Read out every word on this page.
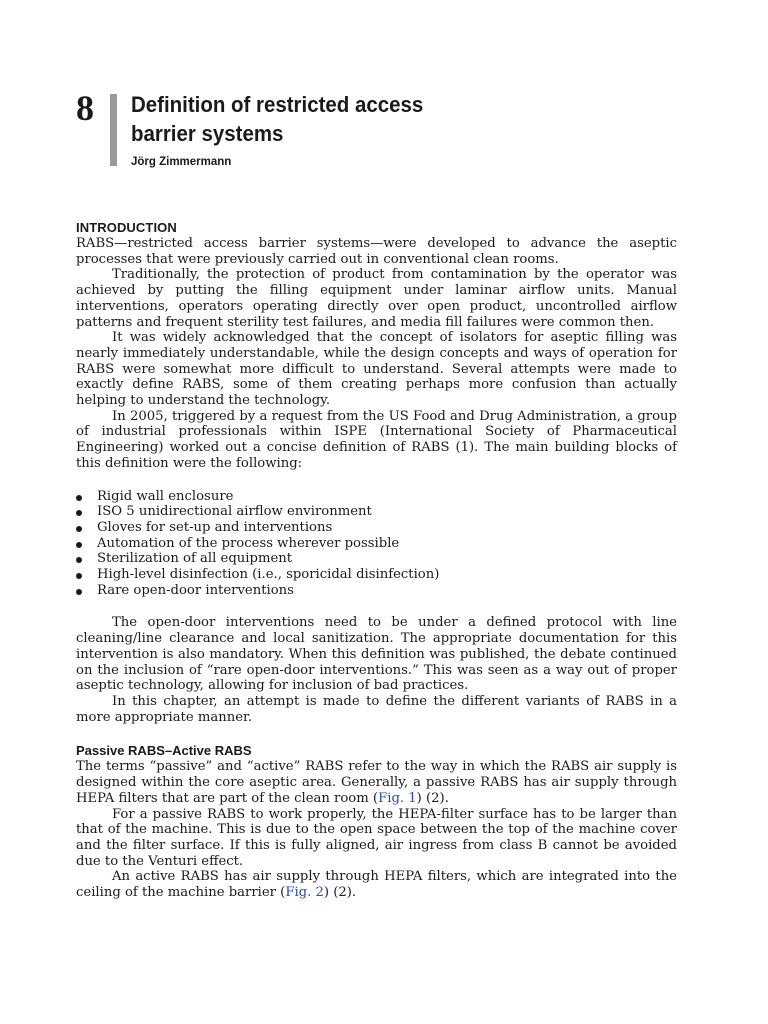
8 Definition of restricted access
barrier systems
Jörg Zimmermann
INTRODUCTION

RABS—restricted access barrier systems—were developed to advance the aseptic processes that were previously carried out in conventional clean rooms.

Traditionally, the protection of product from contamination by the operator was achieved by putting the filling equipment under laminar airflow units. Manual interventions, operators operating directly over open product, uncontrolled airflow patterns and frequent sterility test failures, and media fill failures were common then.

It was widely acknowledged that the concept of isolators for aseptic filling was nearly immediately understandable, while the design concepts and ways of operation for RABS were somewhat more difficult to understand. Several attempts were made to exactly define RABS, some of them creating perhaps more confusion than actually helping to understand the technology.

In 2005, triggered by a request from the US Food and Drug Administration, a group of industrial professionals within ISPE (International Society of Pharmaceutical Engineering) worked out a concise definition of RABS (1). The main building blocks of this definition were the following:

Rigid wall enclosure
ISO 5 unidirectional airflow environment
Gloves for set-up and interventions
Automation of the process wherever possible
Sterilization of all equipment
High-level disinfection (i.e., sporicidal disinfection)
Rare open-door interventions

The open-door interventions need to be under a defined protocol with line cleaning/line clearance and local sanitization. The appropriate documentation for this intervention is also mandatory. When this definition was published, the debate continued on the inclusion of “rare open-door interventions.” This was seen as a way out of proper aseptic technology, allowing for inclusion of bad practices.

In this chapter, an attempt is made to define the different variants of RABS in a more appropriate manner.

Passive RABS–Active RABS

The terms “passive” and “active” RABS refer to the way in which the RABS air supply is designed within the core aseptic area. Generally, a passive RABS has air supply through HEPA filters that are part of the clean room (Fig. 1) (2).

For a passive RABS to work properly, the HEPA-filter surface has to be larger than that of the machine. This is due to the open space between the top of the machine cover and the filter surface. If this is fully aligned, air ingress from class B cannot be avoided due to the Venturi effect.

An active RABS has air supply through HEPA filters, which are integrated into the ceiling of the machine barrier (Fig. 2) (2).
